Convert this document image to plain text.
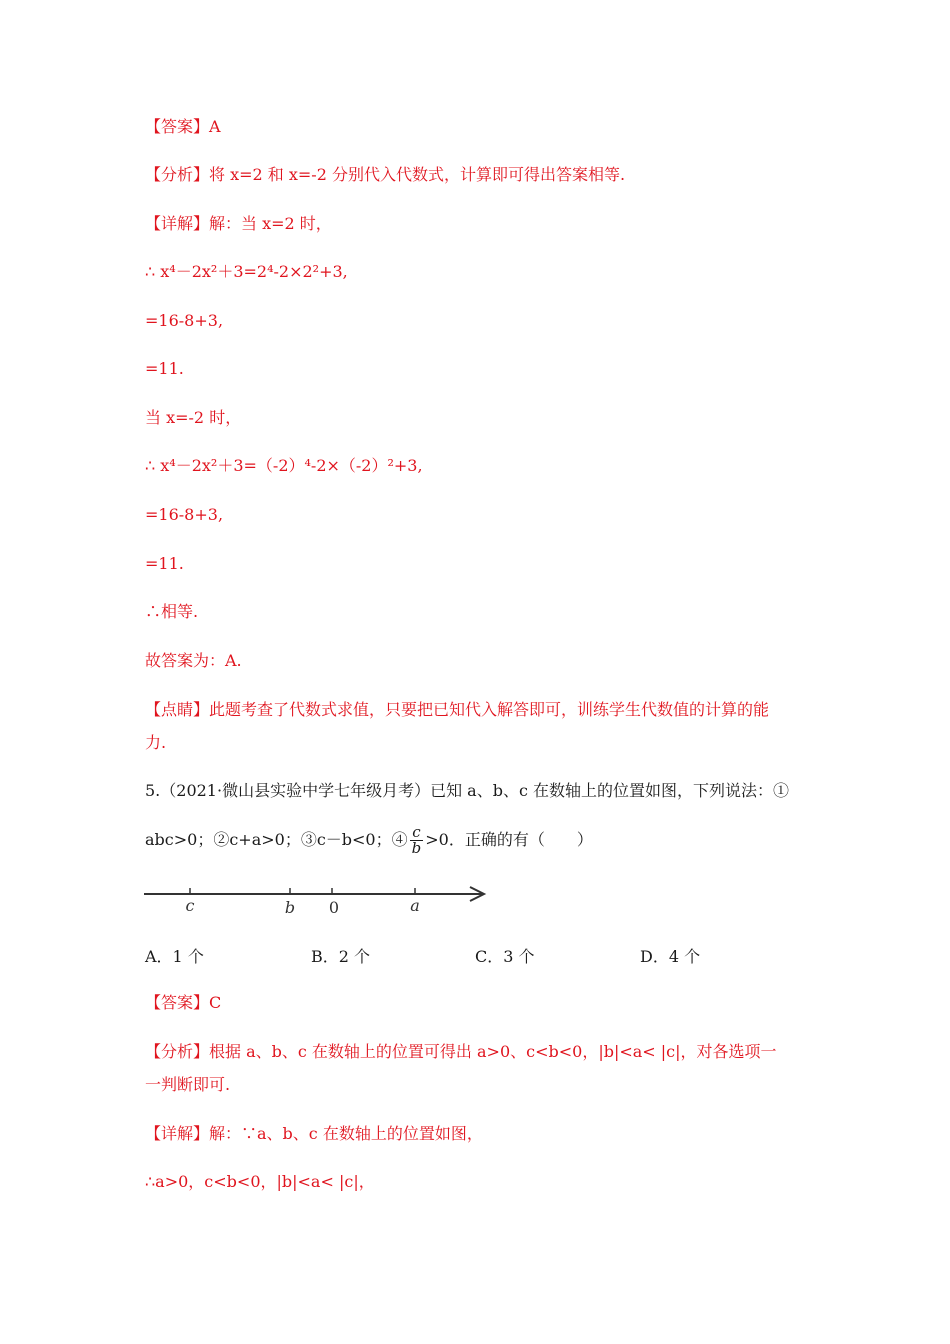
【答案】A
【分析】将 x=2 和 x=-2 分别代入代数式，计算即可得出答案相等.
【详解】解：当 x=2 时，
∴ x⁴－2x²＋3=2⁴-2×2²+3,
=16-8+3,
=11.
当 x=-2 时，
∴ x⁴－2x²＋3=（-2）⁴-2×（-2）²+3,
=16-8+3,
=11.
∴相等.
故答案为：A.
【点睛】此题考查了代数式求值，只要把已知代入解答即可，训练学生代数值的计算的能
力.
5.（2021·微山县实验中学七年级月考）已知 a、b、c 在数轴上的位置如图，下列说法：①
abc>0；②c+a>0；③c－b<0；④ $\frac{c}{b} >0$．正确的有（　　）
c	b 0	a
A．1 个	B．2 个	C．3 个	D．4 个
【答案】C
【分析】根据 a、b、c 在数轴上的位置可得出 a>0、c<b<0，|b|<a< |c|，对各选项一
一判断即可.
【详解】解：∵a、b、c 在数轴上的位置如图，
∴a>0，c<b<0，|b|<a< |c|，
